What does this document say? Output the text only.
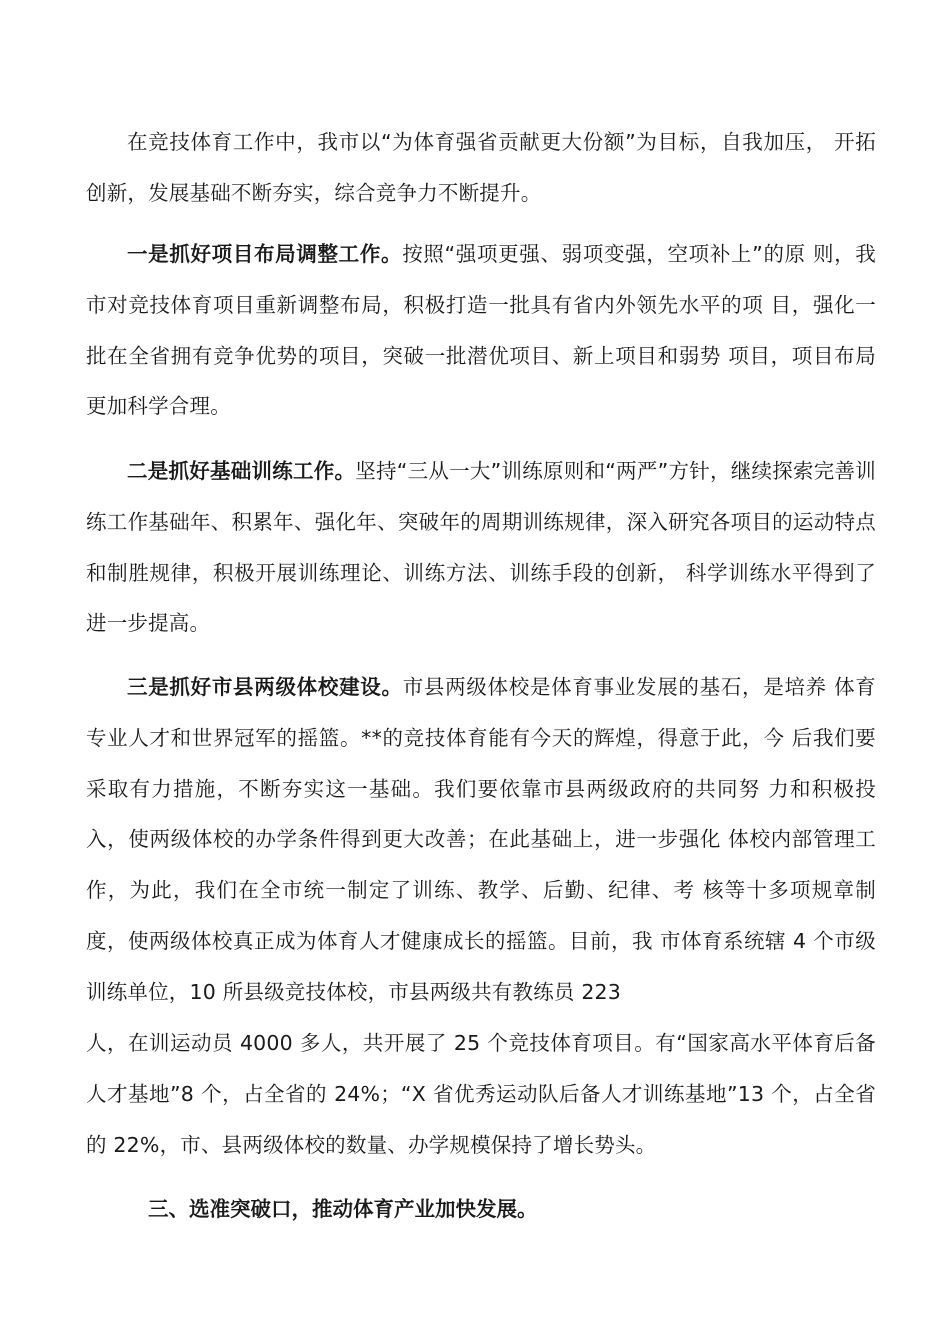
在竞技体育工作中，我市以“为体育强省贡献更大份额”为目标，自我加压， 开拓创新，发展基础不断夯实，综合竞争力不断提升。

一是抓好项目布局调整工作。按照“强项更强、弱项变强，空项补上”的原 则，我市对竞技体育项目重新调整布局，积极打造一批具有省内外领先水平的项 目，强化一批在全省拥有竞争优势的项目，突破一批潜优项目、新上项目和弱势 项目，项目布局更加科学合理。

二是抓好基础训练工作。坚持“三从一大”训练原则和“两严”方针，继续探索完善训练工作基础年、积累年、强化年、突破年的周期训练规律，深入研究各项目的运动特点和制胜规律，积极开展训练理论、训练方法、训练手段的创新， 科学训练水平得到了进一步提高。

三是抓好市县两级体校建设。市县两级体校是体育事业发展的基石，是培养 体育专业人才和世界冠军的摇篮。**的竞技体育能有今天的辉煌，得意于此，今 后我们要采取有力措施，不断夯实这一基础。我们要依靠市县两级政府的共同努 力和积极投入，使两级体校的办学条件得到更大改善；在此基础上，进一步强化 体校内部管理工作，为此，我们在全市统一制定了训练、教学、后勤、纪律、考 核等十多项规章制度，使两级体校真正成为体育人才健康成长的摇篮。目前，我 市体育系统辖 4 个市级训练单位，10 所县级竞技体校，市县两级共有教练员 223

人，在训运动员 4000 多人，共开展了 25 个竞技体育项目。有“国家高水平体育后备人才基地”8 个，占全省的 24%；“X 省优秀运动队后备人才训练基地”13 个，占全省的 22%，市、县两级体校的数量、办学规模保持了增长势头。

三、选准突破口，推动体育产业加快发展。
